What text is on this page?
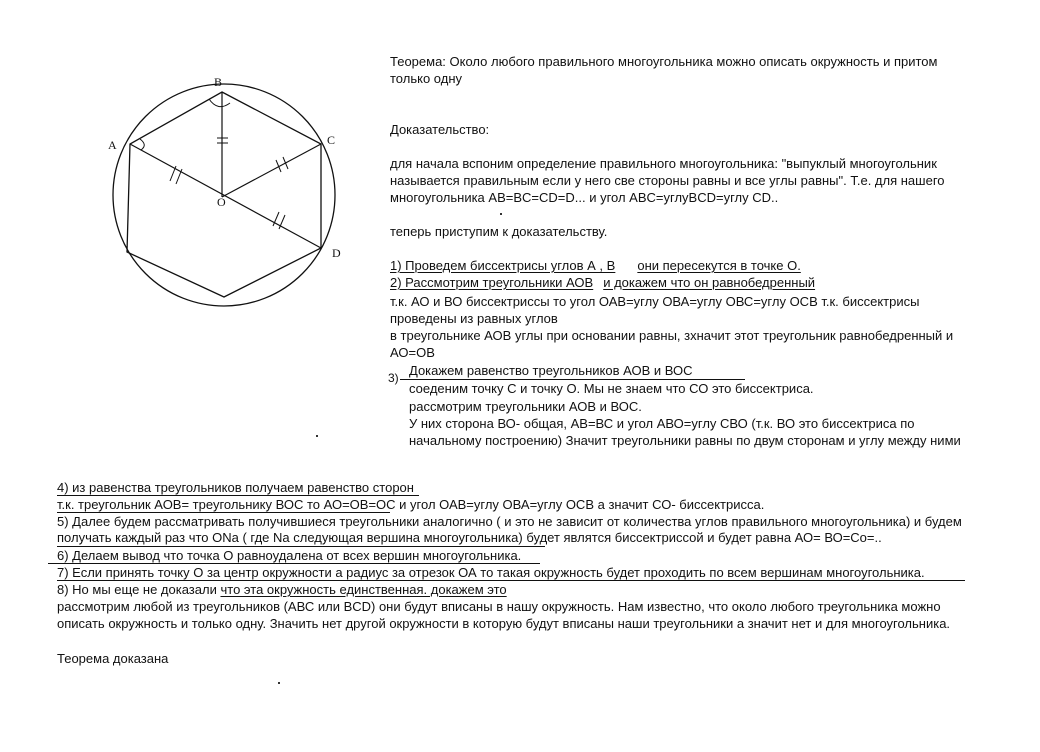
B
A	C
D
O
Теорема: Около любого правильного многоугольника можно описать окружность и притом
только одну
Доказательство:
для начала вспоним определение правильного многоугольника: "выпуклый многоугольник
называется правильным если у него све стороны равны и все углы равны". Т.е. для нашего
многоугольника AB=BC=CD=D... и угол ABC=углуBCD=углу CD..
теперь приступим к доказательству.
1) Проведем биссектрисы углов А , В они пересекутся в точке О.
2) Рассмотрим треугольники АОВ и докажем что он равнобедренный
т.к. АО и ВО биссектриссы то угол ОАВ=углу ОВА=углу ОВС=углу ОСВ т.к. биссектрисы
проведены из равных углов
в треугольнике АОВ углы при основании равны, зхначит этот треугольник равнобедренный и
АО=ОВ
3) Докажем равенство треугольников АОВ и ВОС
соеденим точку С и точку О. Мы не знаем что СО это биссектриса.
рассмотрим треугольники АОВ и ВОС.
У них сторона ВО- общая, АВ=ВС и угол АВО=углу СВО (т.к. ВО это биссектриса по
начальному построению) Значит треугольники равны по двум сторонам и углу между ними
4) из равенства треугольников получаем равенство сторон
т.к. треугольник АОВ= треугольнику ВОС то АО=ОВ=ОС и угол ОАВ=углу ОВА=углу ОСВ а значит СО- биссектрисса.
5) Далее будем рассматривать получившиеся треугольники аналогично ( и это не зависит от количества углов правильного многоугольника) и будем
получать каждый раз что ОNa ( где Na следующая вершина многоугольника) будет являтся биссектриссой и будет равна АО= ВО=Со=..
6) Делаем вывод что точка О равноудалена от всех вершин многоугольника.
7) Если принять точку О за центр окружности а радиус за отрезок ОА то такая окружность будет проходить по всем вершинам многоугольника.
8) Но мы еще не доказали что эта окружность единственная. докажем это
рассмотрим любой из треугольников (АВС или ВCD) они будут вписаны в нашу окружность. Нам известно, что около любого треугольника можно
описать окружность и только одну. Значить нет другой окружности в которую будут вписаны наши треугольники а значит нет и для многоугольника.
Теорема доказана
